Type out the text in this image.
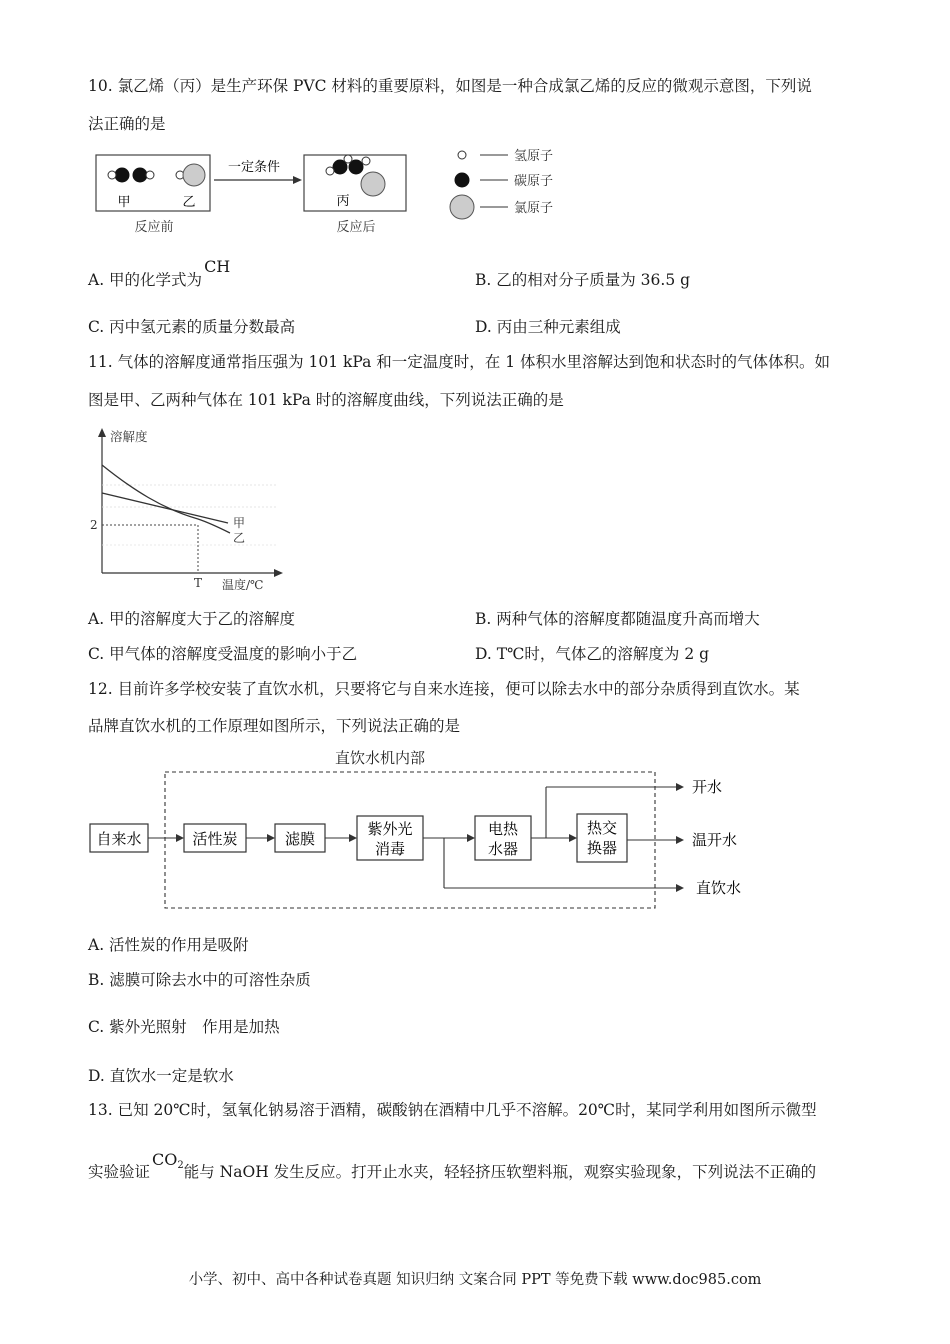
10. 氯乙烯（丙）是生产环保 PVC 材料的重要原料，如图是一种合成氯乙烯的反应的微观示意图，下列说
法正确的是
甲	乙
反应前
一定条件
丙
反应后
氢原子
碳原子
氯原子
A. 甲的化学式为CH
B. 乙的相对分子质量为 36.5 g
C. 丙中氢元素的质量分数最高	D. 丙由三种元素组成
11. 气体的溶解度通常指压强为 101 kPa 和一定温度时，在 1 体积水里溶解达到饱和状态时的气体体积。如
图是甲、乙两种气体在 101 kPa 时的溶解度曲线，下列说法正确的是
溶解度
2
T 温度/℃
甲
乙
A. 甲的溶解度大于乙的溶解度	B. 两种气体的溶解度都随温度升高而增大
C. 甲气体的溶解度受温度的影响小于乙	D. T℃时，气体乙的溶解度为 2 g
12. 目前许多学校安装了直饮水机，只要将它与自来水连接，便可以除去水中的部分杂质得到直饮水。某
品牌直饮水机的工作原理如图所示，下列说法正确的是
直饮水机内部
自来水	活性炭	滤膜
紫外光
消毒
直饮水
电热
水器
开水
热交
换器	温开水
A. 活性炭的作用是吸附
B. 滤膜可除去水中的可溶性杂质
C. 紫外光照射　作用是加热
D. 直饮水一定是软水
13. 已知 20℃时，氢氧化钠易溶于酒精，碳酸钠在酒精中几乎不溶解。20℃时，某同学利用如图所示微型
实验验证$CO_2$能与 NaOH 发生反应。打开止水夹，轻轻挤压软塑料瓶，观察实验现象，下列说法不正确的
小学、初中、高中各种试卷真题 知识归纳 文案合同 PPT 等免费下载 www.doc985.com
